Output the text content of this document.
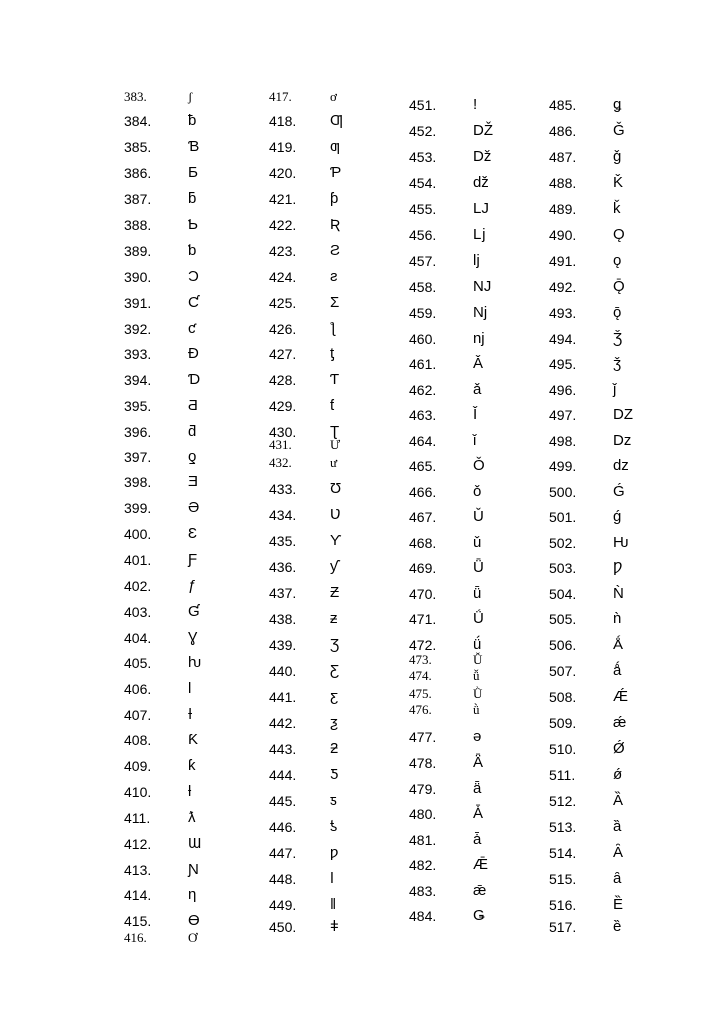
383.	ʃ
384. ƀ
385. Ɓ
386. Ƃ
387. ƃ
388. Ƅ
389. ƅ
390. Ɔ
391. Ƈ
392. ƈ
393. Ɖ
394. Ɗ
395. Ƌ
396. ƌ
397. ƍ
398. Ǝ
399. Ə
400. Ɛ
401. Ƒ
402. ƒ
403. Ɠ
404. Ɣ
405. ƕ
406. Ɩ
407. Ɨ
408. Ƙ
409. ƙ
410. ƚ
411.	ƛ
412. Ɯ
413. Ɲ
414. ƞ
415. Ɵ
416.	Ơ
417.	ơ
418. Ƣ
419. ƣ
420. Ƥ
421. ƥ
422. Ʀ
423. Ƨ
424. ƨ
425. Ʃ
426. ƪ
427. ƫ
428. Ƭ
429. ƭ
430. Ʈ
431.	Ư
432.	ư
433. Ʊ
434. Ʋ
435. Ƴ
436. ƴ
437. Ƶ
438. ƶ
439. Ʒ
440. Ƹ
441. ƹ
442. ƺ
443. ƻ
444. Ƽ
445. ƽ
446. ƾ
447. ƿ
448. ǀ
449. ǁ
450. ǂ
451. ǃ
452. Ǆ
453. ǅ
454. ǆ
455. Ǉ
456. ǈ
457. ǉ
458. Ǌ
459. ǋ
460. ǌ
461. Ǎ
462. ǎ
463. Ǐ
464. ǐ
465. Ǒ
466. ǒ
467. Ǔ
468. ǔ
469. Ǖ
470. ǖ
471. Ǘ
472. ǘ
473.	Ǚ
474.	ǚ
475.	Ǜ
476.	ǜ
477. ǝ
478. Ǟ
479. ǟ
480. Ǡ
481. ǡ
482. Ǣ
483. ǣ
484. Ǥ
485. ǥ
486. Ǧ
487. ǧ
488. Ǩ
489. ǩ
490. Ǫ
491. ǫ
492. Ǭ
493. ǭ
494. Ǯ
495. ǯ
496. ǰ
497. Ǳ
498. ǲ
499. ǳ
500. Ǵ
501. ǵ
502. Ƕ
503. Ƿ
504. Ǹ
505. ǹ
506. Ǻ
507. ǻ
508. Ǽ
509. ǽ
510. Ǿ
511.	ǿ
512. Ȁ
513. ȁ
514. Ȃ
515. ȃ
516. Ȅ
517. ȅ
